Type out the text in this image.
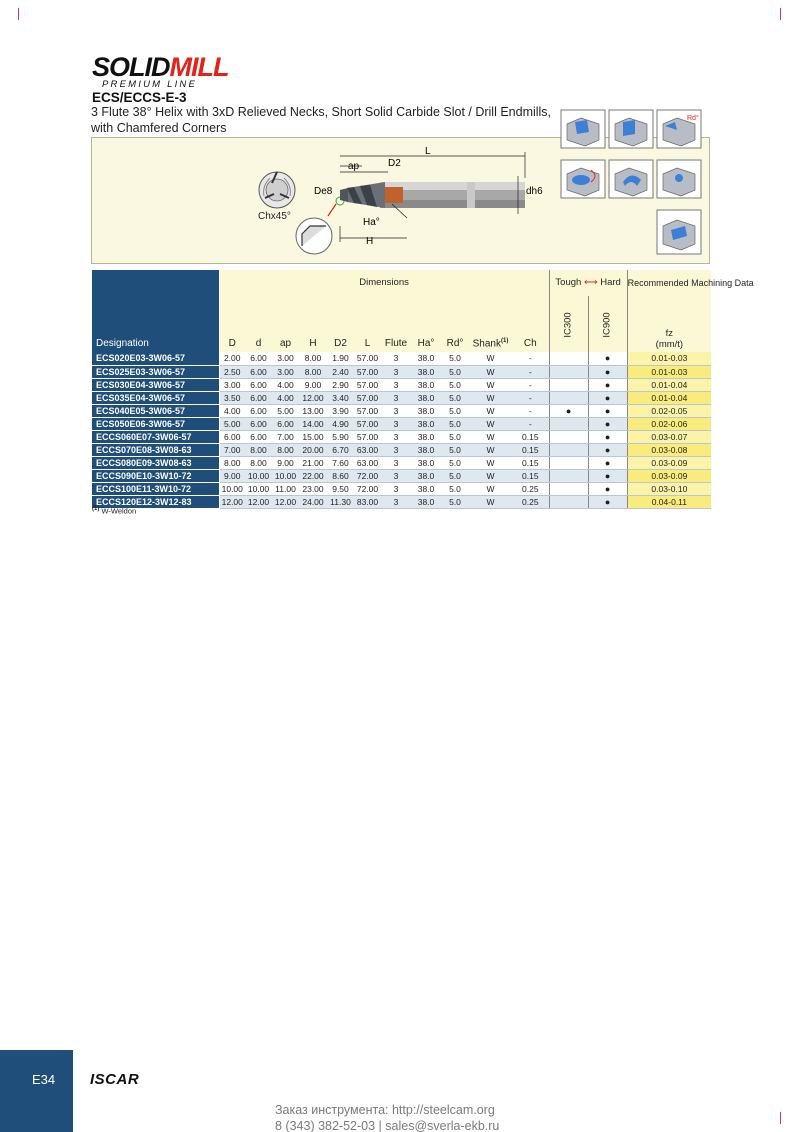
SOLIDMILL
PREMIUM LINE
ECS/ECCS-E-3
3 Flute 38° Helix with 3xD Relieved Necks, Short Solid Carbide Slot / Drill Endmills, with Chamfered Corners
Chx45°
L
ap	D2
De8	dh6
Ha°
H
Rd°
Designation	Dimensions											Tough ⟷ Hard		Recommended Machining Data
	D	d	ap	H	D2	L	Flute	Ha°	Rd°	Shank$^{(1)}$	Ch	IC300	IC900	fz
(mm/t)
ECS020E03-3W06-57	2.00	6.00	3.00	8.00	1.90	57.00	3	38.0	5.0	W	-		●	0.01-0.03
ECS025E03-3W06-57	2.50	6.00	3.00	8.00	2.40	57.00	3	38.0	5.0	W	-		●	0.01-0.03
ECS030E04-3W06-57	3.00	6.00	4.00	9.00	2.90	57.00	3	38.0	5.0	W	-		●	0.01-0.04
ECS035E04-3W06-57	3.50	6.00	4.00	12.00	3.40	57.00	3	38.0	5.0	W	-		●	0.01-0.04
ECS040E05-3W06-57	4.00	6.00	5.00	13.00	3.90	57.00	3	38.0	5.0	W	-	●	●	0.02-0.05
ECS050E06-3W06-57	5.00	6.00	6.00	14.00	4.90	57.00	3	38.0	5.0	W	-		●	0.02-0.06
ECCS060E07-3W06-57	6.00	6.00	7.00	15.00	5.90	57.00	3	38.0	5.0	W	0.15		●	0.03-0.07
ECCS070E08-3W08-63	7.00	8.00	8.00	20.00	6.70	63.00	3	38.0	5.0	W	0.15		●	0.03-0.08
ECCS080E09-3W08-63	8.00	8.00	9.00	21.00	7.60	63.00	3	38.0	5.0	W	0.15		●	0.03-0.09
ECCS090E10-3W10-72	9.00	10.00	10.00	22.00	8.60	72.00	3	38.0	5.0	W	0.15		●	0.03-0.09
ECCS100E11-3W10-72	10.00	10.00	11.00	23.00	9.50	72.00	3	38.0	5.0	W	0.25		●	0.03-0.10
ECCS120E12-3W12-83	12.00	12.00	12.00	24.00	11.30	83.00	3	38.0	5.0	W	0.25		●	0.04-0.11
$^{(1)}$ W-Weldon
E34 ISCAR
Заказ инструмента: http://steelcam.org
8 (343) 382-52-03 | sales@sverla-ekb.ru
